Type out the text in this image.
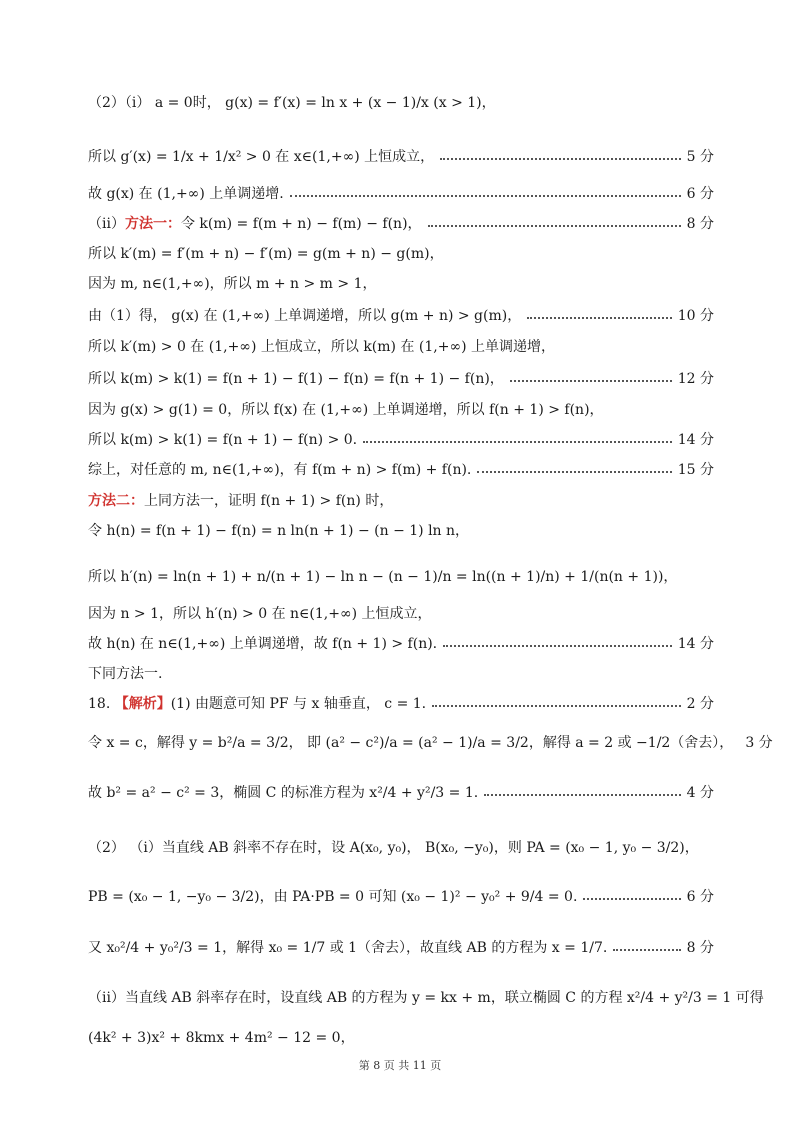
（2）（i） a = 0时， g(x) = f′(x) = ln x + (x − 1)/x (x > 1)，
所以 g′(x) = 1/x + 1/x² > 0 在 x∈(1,+∞) 上恒成立，	5 分
故 g(x) 在 (1,+∞) 上单调递增.	6 分
（ii）方法一：令 k(m) = f(m + n) − f(m) − f(n)，	8 分
所以 k′(m) = f′(m + n) − f′(m) = g(m + n) − g(m)，
因为 m, n∈(1,+∞)，所以 m + n > m > 1，
由（1）得， g(x) 在 (1,+∞) 上单调递增，所以 g(m + n) > g(m)，	10 分
所以 k′(m) > 0 在 (1,+∞) 上恒成立，所以 k(m) 在 (1,+∞) 上单调递增，
所以 k(m) > k(1) = f(n + 1) − f(1) − f(n) = f(n + 1) − f(n)，	12 分
因为 g(x) > g(1) = 0，所以 f(x) 在 (1,+∞) 上单调递增，所以 f(n + 1) > f(n)，
所以 k(m) > k(1) = f(n + 1) − f(n) > 0.	14 分
综上，对任意的 m, n∈(1,+∞)，有 f(m + n) > f(m) + f(n).	15 分
方法二：上同方法一，证明 f(n + 1) > f(n) 时，
令 h(n) = f(n + 1) − f(n) = n ln(n + 1) − (n − 1) ln n，
所以 h′(n) = ln(n + 1) + n/(n + 1) − ln n − (n − 1)/n = ln((n + 1)/n) + 1/(n(n + 1))，
因为 n > 1，所以 h′(n) > 0 在 n∈(1,+∞) 上恒成立，
故 h(n) 在 n∈(1,+∞) 上单调递增，故 f(n + 1) > f(n).	14 分
下同方法一.
18. 【解析】(1) 由题意可知 PF 与 x 轴垂直， c = 1.	2 分
令 x = c，解得 y = b²/a = 3/2， 即 (a² − c²)/a = (a² − 1)/a = 3/2，解得 a = 2 或 −1/2（舍去）， 3 分
故 b² = a² − c² = 3，椭圆 C 的标准方程为 x²/4 + y²/3 = 1.	4 分
（2） （i）当直线 AB 斜率不存在时，设 A(x₀, y₀)， B(x₀, −y₀)，则 PA = (x₀ − 1, y₀ − 3/2)，
PB = (x₀ − 1, −y₀ − 3/2)，由 PA·PB = 0 可知 (x₀ − 1)² − y₀² + 9/4 = 0.	6 分
又 x₀²/4 + y₀²/3 = 1，解得 x₀ = 1/7 或 1（舍去），故直线 AB 的方程为 x = 1/7.	8 分
（ii）当直线 AB 斜率存在时，设直线 AB 的方程为 y = kx + m，联立椭圆 C 的方程 x²/4 + y²/3 = 1 可得
(4k² + 3)x² + 8kmx + 4m² − 12 = 0，
第 8 页 共 11 页
